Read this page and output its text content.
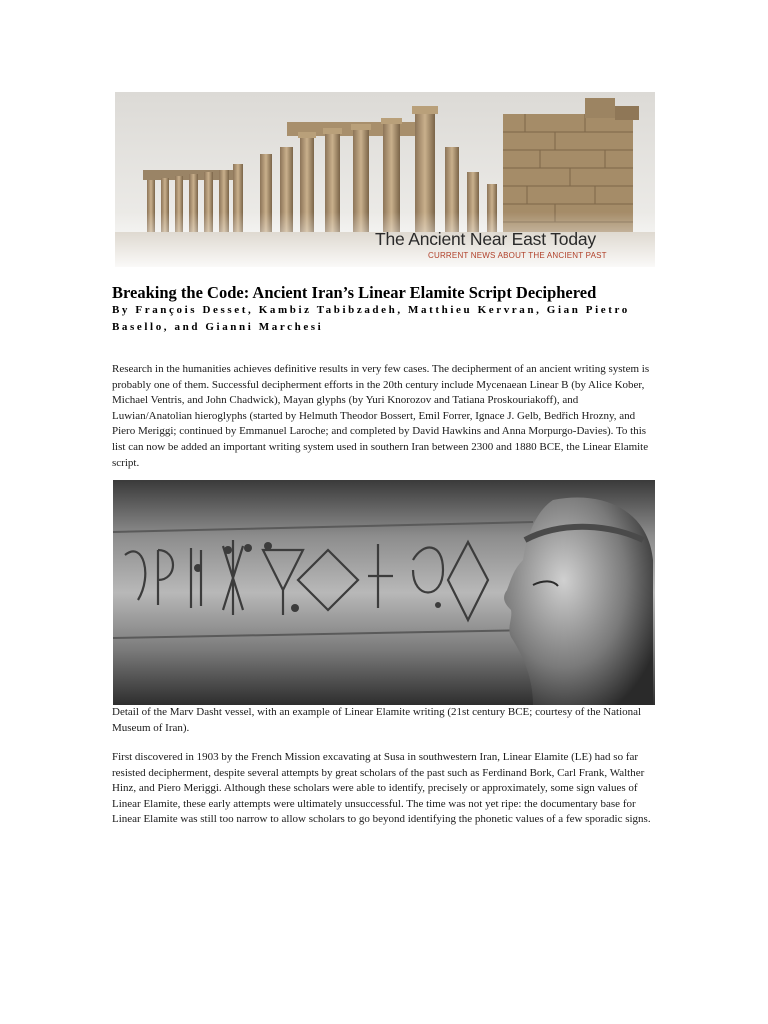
The Ancient Near East Today
CURRENT NEWS ABOUT THE ANCIENT PAST
Breaking the Code: Ancient Iran’s Linear Elamite Script Deciphered

By François Desset, Kambiz Tabibzadeh, Matthieu Kervran, Gian Pietro Basello, and Gianni Marchesi

Research in the humanities achieves definitive results in very few cases. The decipherment of an ancient writing system is probably one of them. Successful decipherment efforts in the 20th century include Mycenaean Linear B (by Alice Kober, Michael Ventris, and John Chadwick), Mayan glyphs (by Yuri Knorozov and Tatiana Proskouriakoff), and Luwian/Anatolian hieroglyphs (started by Helmuth Theodor Bossert, Emil Forrer, Ignace J. Gelb, Bedřich Hrozny, and Piero Meriggi; continued by Emmanuel Laroche; and completed by David Hawkins and Anna Morpurgo-Davies). To this list can now be added an important writing system used in southern Iran between 2300 and 1880 BCE, the Linear Elamite script.

Detail of the Marv Dasht vessel, with an example of Linear Elamite writing (21st century BCE; courtesy of the National Museum of Iran).

First discovered in 1903 by the French Mission excavating at Susa in southwestern Iran, Linear Elamite (LE) had so far resisted decipherment, despite several attempts by great scholars of the past such as Ferdinand Bork, Carl Frank, Walther Hinz, and Piero Meriggi. Although these scholars were able to identify, precisely or approximately, some sign values of Linear Elamite, these early attempts were ultimately unsuccessful. The time was not yet ripe: the documentary base for Linear Elamite was still too narrow to allow scholars to go beyond identifying the phonetic values of a few sporadic signs.
